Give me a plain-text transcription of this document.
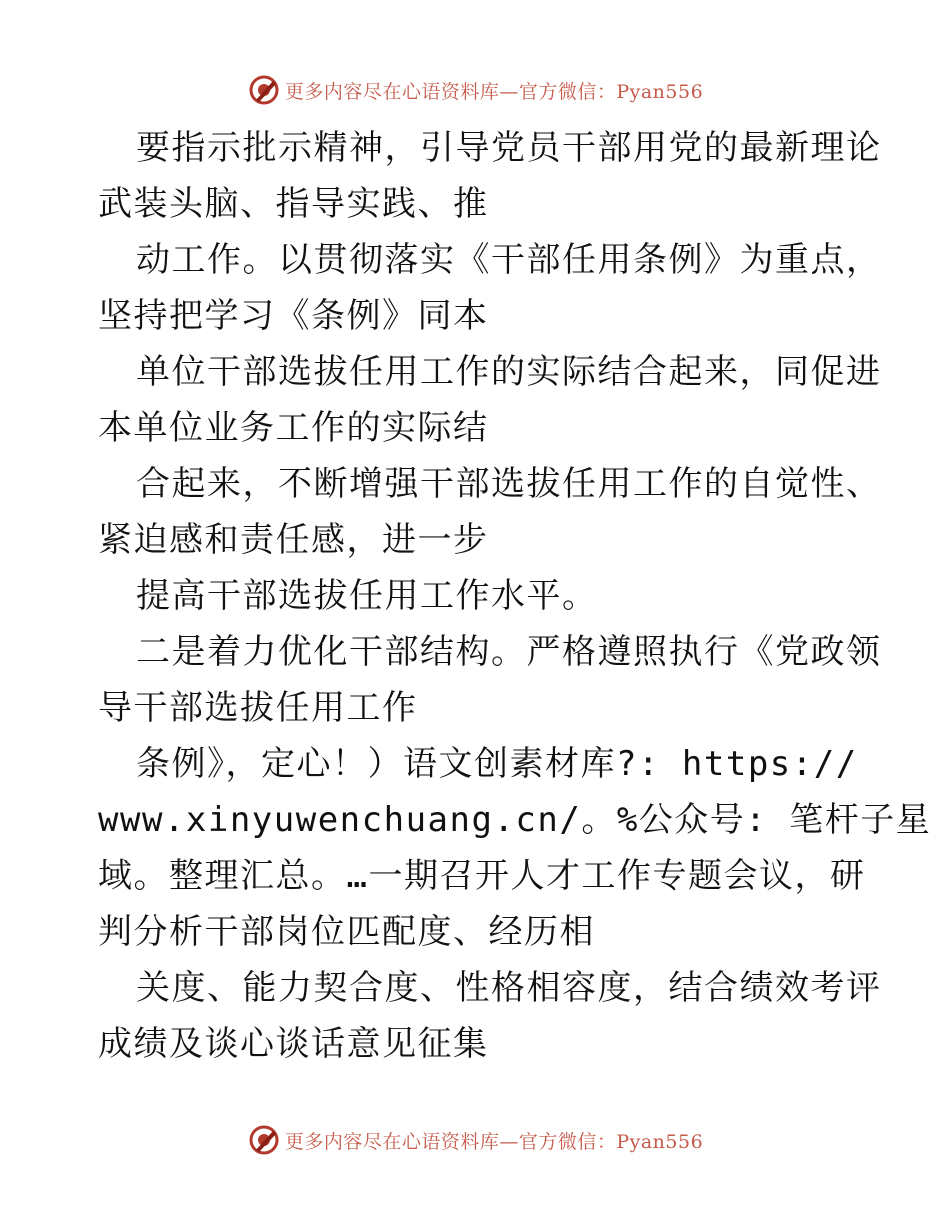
更多内容尽在心语资料库—官方微信：Pyan556
要指示批示精神，引导党员干部用党的最新理论
武装头脑、指导实践、推
动工作。以贯彻落实《干部任用条例》为重点，
坚持把学习《条例》同本
单位干部选拔任用工作的实际结合起来，同促进
本单位业务工作的实际结
合起来，不断增强干部选拔任用工作的自觉性、
紧迫感和责任感，进一步
提高干部选拔任用工作水平。
二是着力优化干部结构。严格遵照执行《党政领
导干部选拔任用工作
条例》，定心！）语文创素材库?: https://
www.xinyuwenchuang.cn/。%公众号: 笔杆子星
域。整理汇总。…一期召开人才工作专题会议，研
判分析干部岗位匹配度、经历相
关度、能力契合度、性格相容度，结合绩效考评
成绩及谈心谈话意见征集
更多内容尽在心语资料库—官方微信：Pyan556
